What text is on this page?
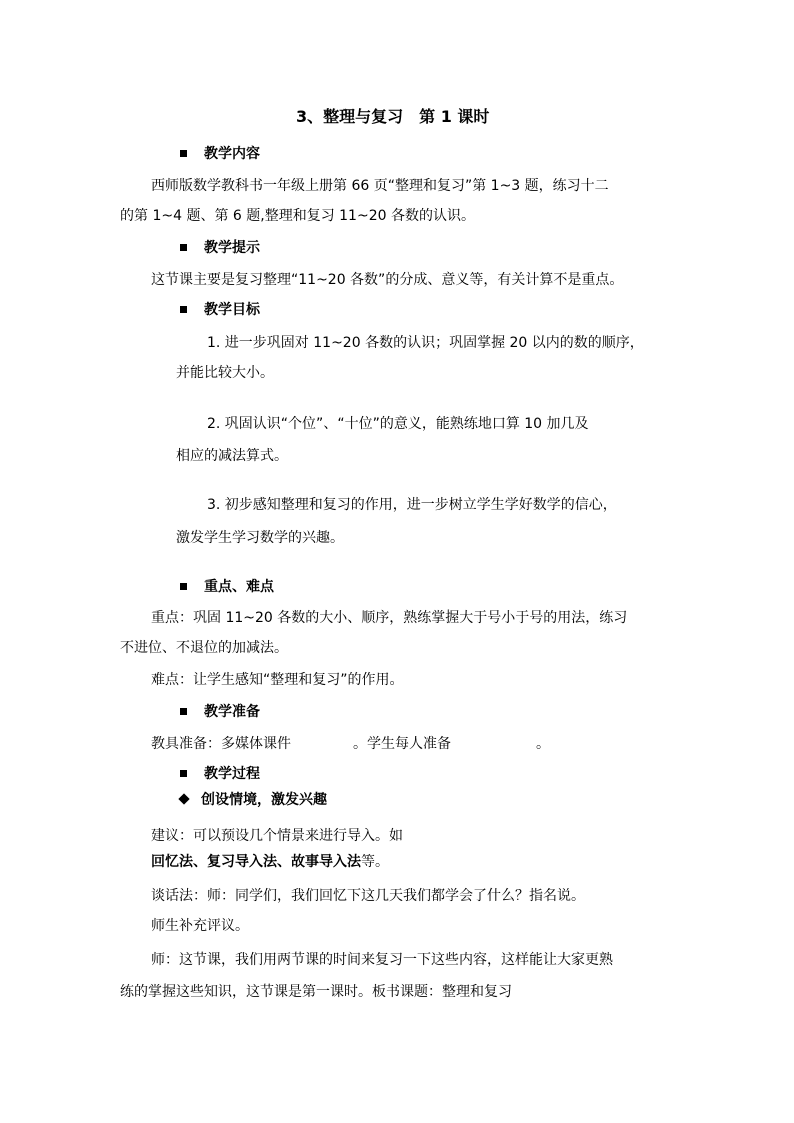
3、整理与复习　第 1 课时
教学内容
西师版数学教科书一年级上册第 66 页“整理和复习”第 1~3 题，练习十二
的第 1~4 题、第 6 题,整理和复习 11~20 各数的认识。
教学提示
这节课主要是复习整理“11~20 各数”的分成、意义等，有关计算不是重点。
教学目标
1. 进一步巩固对 11~20 各数的认识；巩固掌握 20 以内的数的顺序，
并能比较大小。
2. 巩固认识“个位”、“十位”的意义，能熟练地口算 10 加几及
相应的减法算式。
3. 初步感知整理和复习的作用，进一步树立学生学好数学的信心，
激发学生学习数学的兴趣。
重点、难点
重点：巩固 11~20 各数的大小、顺序，熟练掌握大于号小于号的用法，练习
不进位、不退位的加减法。
难点：让学生感知“整理和复习”的作用。
教学准备
教具准备：多媒体课件	。学生每人准备	。
教学过程
创设情境，激发兴趣
建议：可以预设几个情景来进行导入。如
回忆法、复习导入法、故事导入法等。
谈话法：师：同学们，我们回忆下这几天我们都学会了什么？指名说。
师生补充评议。
师：这节课，我们用两节课的时间来复习一下这些内容，这样能让大家更熟
练的掌握这些知识，这节课是第一课时。板书课题：整理和复习
